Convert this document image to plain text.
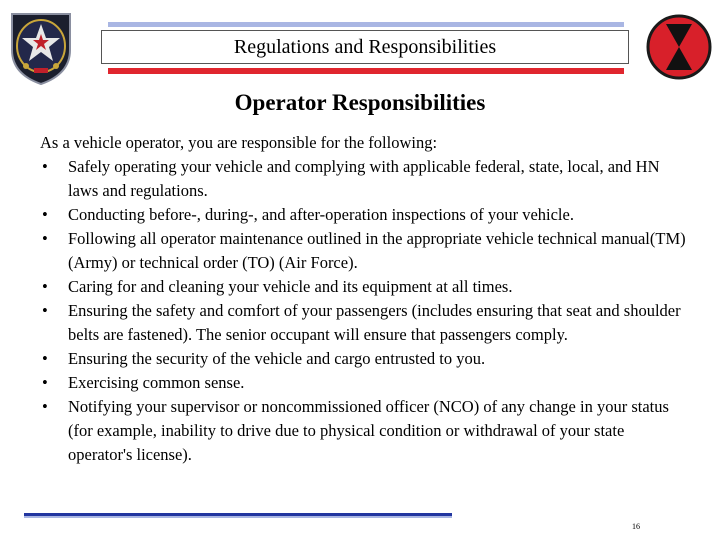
Regulations and Responsibilities
Operator Responsibilities

As a vehicle operator, you are responsible for the following:

• Safely operating your vehicle and complying with applicable federal, state, local, and HN laws and regulations.
• Conducting before-, during-, and after-operation inspections of your vehicle.
• Following all operator maintenance outlined in the appropriate vehicle technical manual(TM) (Army) or technical order (TO) (Air Force).
• Caring for and cleaning your vehicle and its equipment at all times.
• Ensuring the safety and comfort of your passengers (includes ensuring that seat and shoulder belts are fastened). The senior occupant will ensure that passengers comply.
• Ensuring the security of the vehicle and cargo entrusted to you.
• Exercising common sense.
• Notifying your supervisor or noncommissioned officer (NCO) of any change in your status (for example, inability to drive due to physical condition or withdrawal of your state operator's license).
16
